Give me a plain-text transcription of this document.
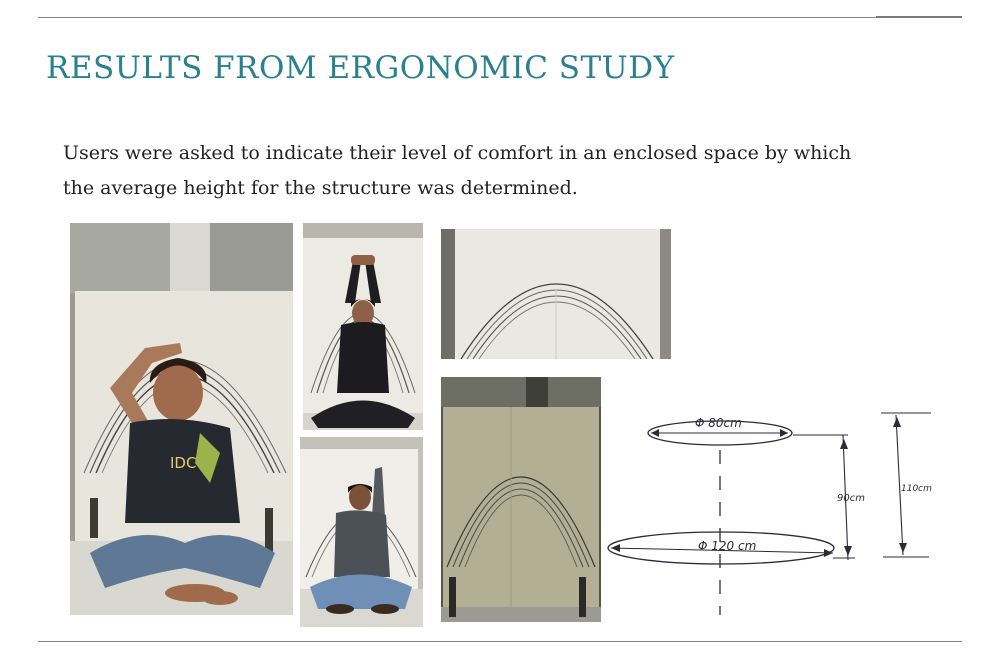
RESULTS FROM ERGONOMIC STUDY

Users were asked to indicate their level of comfort in an enclosed space by which the average height for the structure was determined.

IDC
Φ 80cm
Φ 120 cm
90cm
110cm
